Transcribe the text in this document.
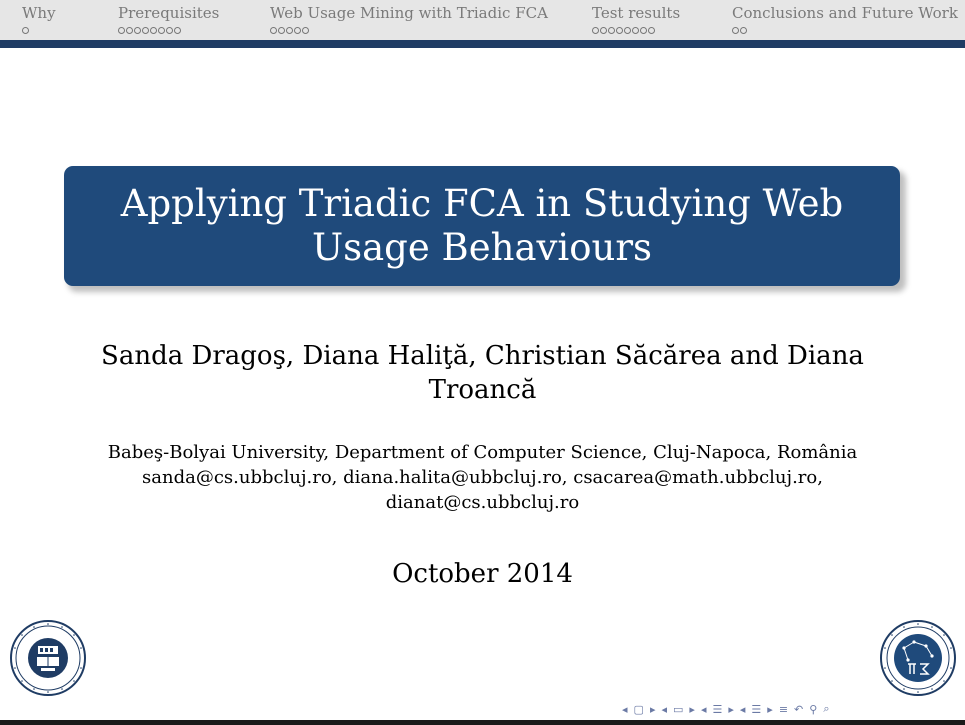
Why	Prerequisites	Web Usage Mining with Triadic FCA	Test results	Conclusions and Future Work
Applying Triadic FCA in Studying Web Usage Behaviours
Sanda Dragoş, Diana Haliţă, Christian Săcărea and Diana Troancă
Babeş-Bolyai University, Department of Computer Science, Cluj-Napoca, România
sanda@cs.ubbcluj.ro, diana.halita@ubbcluj.ro, csacarea@math.ubbcluj.ro,
dianat@cs.ubbcluj.ro
October 2014
◂ ▢ ▸ ◂ ▭ ▸ ◂ ☰ ▸ ◂ ☰ ▸ ≡ ↶ ⚲ ⌕
